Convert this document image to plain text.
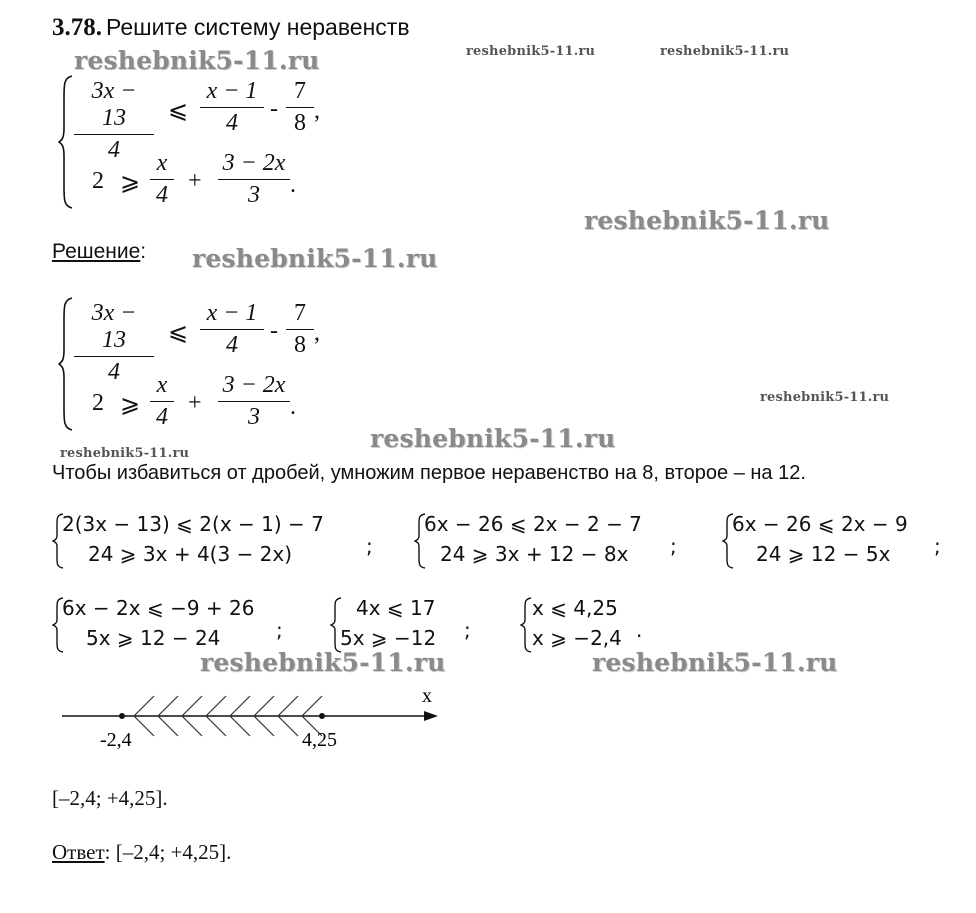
3.78. Решите систему неравенств
reshebnik5-11.ru	reshebnik5-11.ru	reshebnik5-11.ru
reshebnik5-11.ru
reshebnik5-11.ru
reshebnik5-11.ru
reshebnik5-11.ru
reshebnik5-11.ru
reshebnik5-11.ru	reshebnik5-11.ru
3x − 13
4
⩽
x − 1
4
-
7
8 ,
2 ⩾
x
4
+
3 − 2x
3	.
Решение:
3x − 13
4
⩽
x − 1
4
-
7
8 ,
2 ⩾
x
4
+
3 − 2x
3	.
Чтобы избавиться от дробей, умножим первое неравенство на 8, второе – на 12.
2(3x − 13) ⩽ 2(x − 1) − 7
24 ⩾ 3x + 4(3 − 2x)	;
6x − 26 ⩽ 2x − 2 − 7
24 ⩾ 3x + 12 − 8x ;
6x − 26 ⩽ 2x − 9
24 ⩾ 12 − 5x ;
6x − 2x ⩽ −9 + 26
5x ⩾ 12 − 24	;
4x ⩽ 17
5x ⩾ −12 ;
x ⩽ 4,25
x ⩾ −2,4 .
x
-2,4	4,25
[–2,4; +4,25].
Ответ: [–2,4; +4,25].
